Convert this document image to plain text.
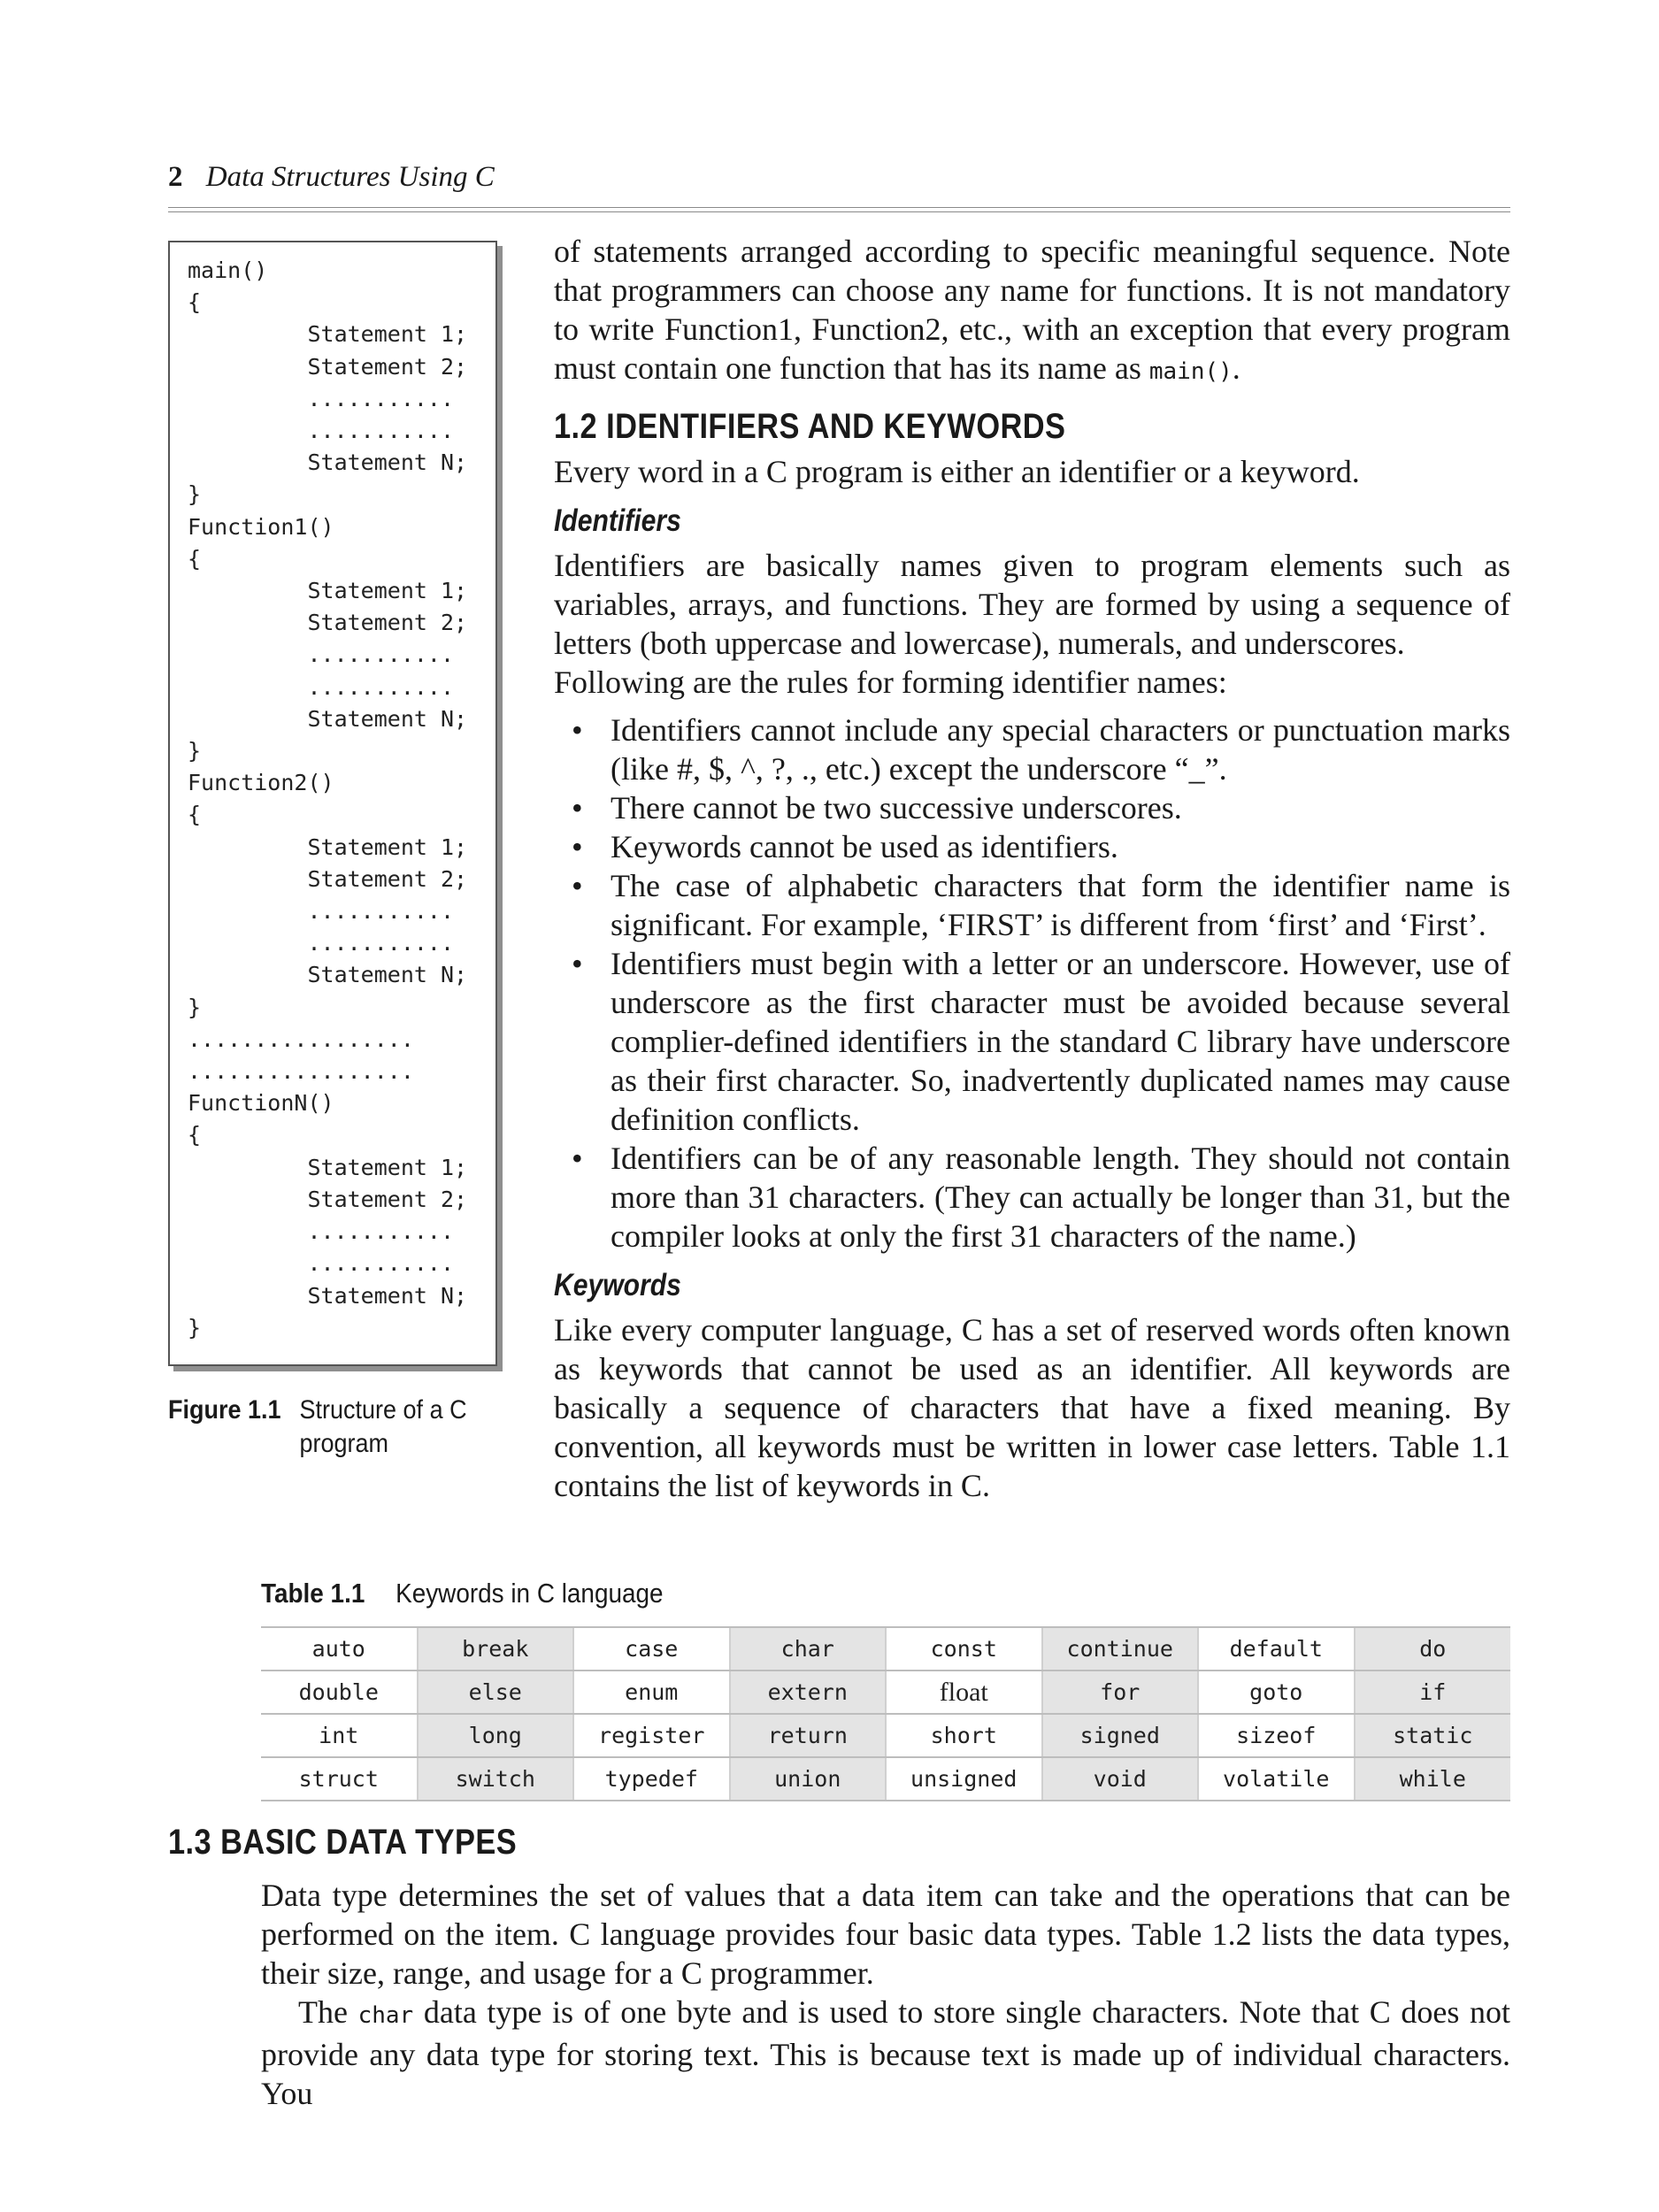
2 Data Structures Using C
main()
{
Statement 1;
Statement 2;
...........
...........
Statement N;
}
Function1()
{
Statement 1;
Statement 2;
...........
...........
Statement N;
}
Function2()
{
Statement 1;
Statement 2;
...........
...........
Statement N;
}
.................
.................
FunctionN()
{
Statement 1;
Statement 2;
...........
...........
Statement N;
}
Figure 1.1 Structure of a C program

of statements arranged according to specific meaningful sequence. Note that programmers can choose any name for functions. It is not mandatory to write Function1, Function2, etc., with an exception that every program must contain one function that has its name as main().

1.2 IDENTIFIERS AND KEYWORDS

Every word in a C program is either an identifier or a keyword.

Identifiers

Identifiers are basically names given to program elements such as variables, arrays, and functions. They are formed by using a sequence of letters (both uppercase and lowercase), numerals, and underscores.

Following are the rules for forming identifier names:

• Identifiers cannot include any special characters or punctuation marks (like #, $, ^, ?, ., etc.) except the underscore “_”.
• There cannot be two successive underscores.
• Keywords cannot be used as identifiers.
• The case of alphabetic characters that form the identifier name is significant. For example, ‘FIRST’ is different from ‘first’ and ‘First’.
• Identifiers must begin with a letter or an underscore. However, use of underscore as the first character must be avoided because several complier-defined identifiers in the standard C library have underscore as their first character. So, inadvertently duplicated names may cause definition conflicts.
• Identifiers can be of any reasonable length. They should not contain more than 31 characters. (They can actually be longer than 31, but the compiler looks at only the first 31 characters of the name.)
Keywords

Like every computer language, C has a set of reserved words often known as keywords that cannot be used as an identifier. All keywords are basically a sequence of characters that have a fixed meaning. By convention, all keywords must be written in lower case letters. Table 1.1 contains the list of keywords in C.

Table 1.1 Keywords in C language
auto	break	case	char	const	continue	default	do
double	else	enum	extern	float	for	goto	if
int	long	register	return	short	signed	sizeof	static
struct	switch	typedef	union	unsigned	void	volatile	while
1.3 BASIC DATA TYPES

Data type determines the set of values that a data item can take and the operations that can be performed on the item. C language provides four basic data types. Table 1.2 lists the data types, their size, range, and usage for a C programmer.

The char data type is of one byte and is used to store single characters. Note that C does not provide any data type for storing text. This is because text is made up of individual characters. You
